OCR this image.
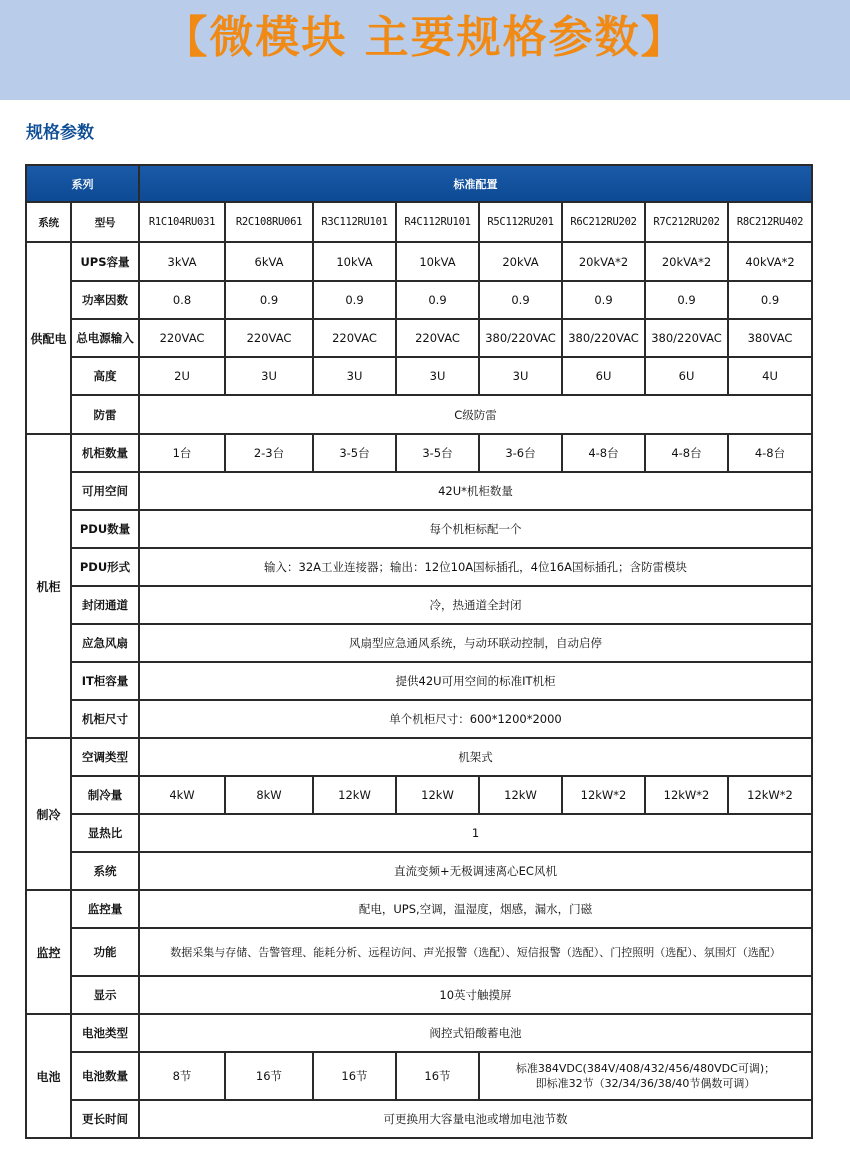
【微模块 主要规格参数】
规格参数
系列		标准配置							
系统	型号	R1C104RU031	R2C108RU061	R3C112RU101	R4C112RU101	R5C112RU201	R6C212RU202	R7C212RU202	R8C212RU402
供配电	UPS容量	3kVA	6kVA	10kVA	10kVA	20kVA	20kVA*2	20kVA*2	40kVA*2
	功率因数	0.8	0.9	0.9	0.9	0.9	0.9	0.9	0.9
	总电源输入	220VAC	220VAC	220VAC	220VAC	380/220VAC	380/220VAC	380/220VAC	380VAC
	高度	2U	3U	3U	3U	3U	6U	6U	4U
	防雷	C级防雷							
机柜	机柜数量	1台	2-3台	3-5台	3-5台	3-6台	4-8台	4-8台	4-8台
	可用空间	42U*机柜数量							
	PDU数量	每个机柜标配一个							
	PDU形式	输入：32A工业连接器；输出：12位10A国标插孔，4位16A国标插孔；含防雷模块							
	封闭通道	冷，热通道全封闭							
	应急风扇	风扇型应急通风系统，与动环联动控制，自动启停							
	IT柜容量	提供42U可用空间的标准IT机柜							
	机柜尺寸	单个机柜尺寸：600*1200*2000							
制冷	空调类型	机架式							
	制冷量	4kW	8kW	12kW	12kW	12kW	12kW*2	12kW*2	12kW*2
	显热比	1							
	系统	直流变频+无极调速离心EC风机							
监控	监控量	配电，UPS,空调，温湿度，烟感，漏水，门磁							
	功能	数据采集与存储、告警管理、能耗分析、远程访问、声光报警（选配）、短信报警（选配）、门控照明（选配）、氛围灯（选配）							
	显示	10英寸触摸屏							
电池	电池类型	阀控式铅酸蓄电池							
	电池数量	8节	16节	16节	16节	标准384VDC(384V/408/432/456/480VDC可调)；
即标准32节（32/34/36/38/40节偶数可调）			

	更长时间	可更换用大容量电池或增加电池节数							
